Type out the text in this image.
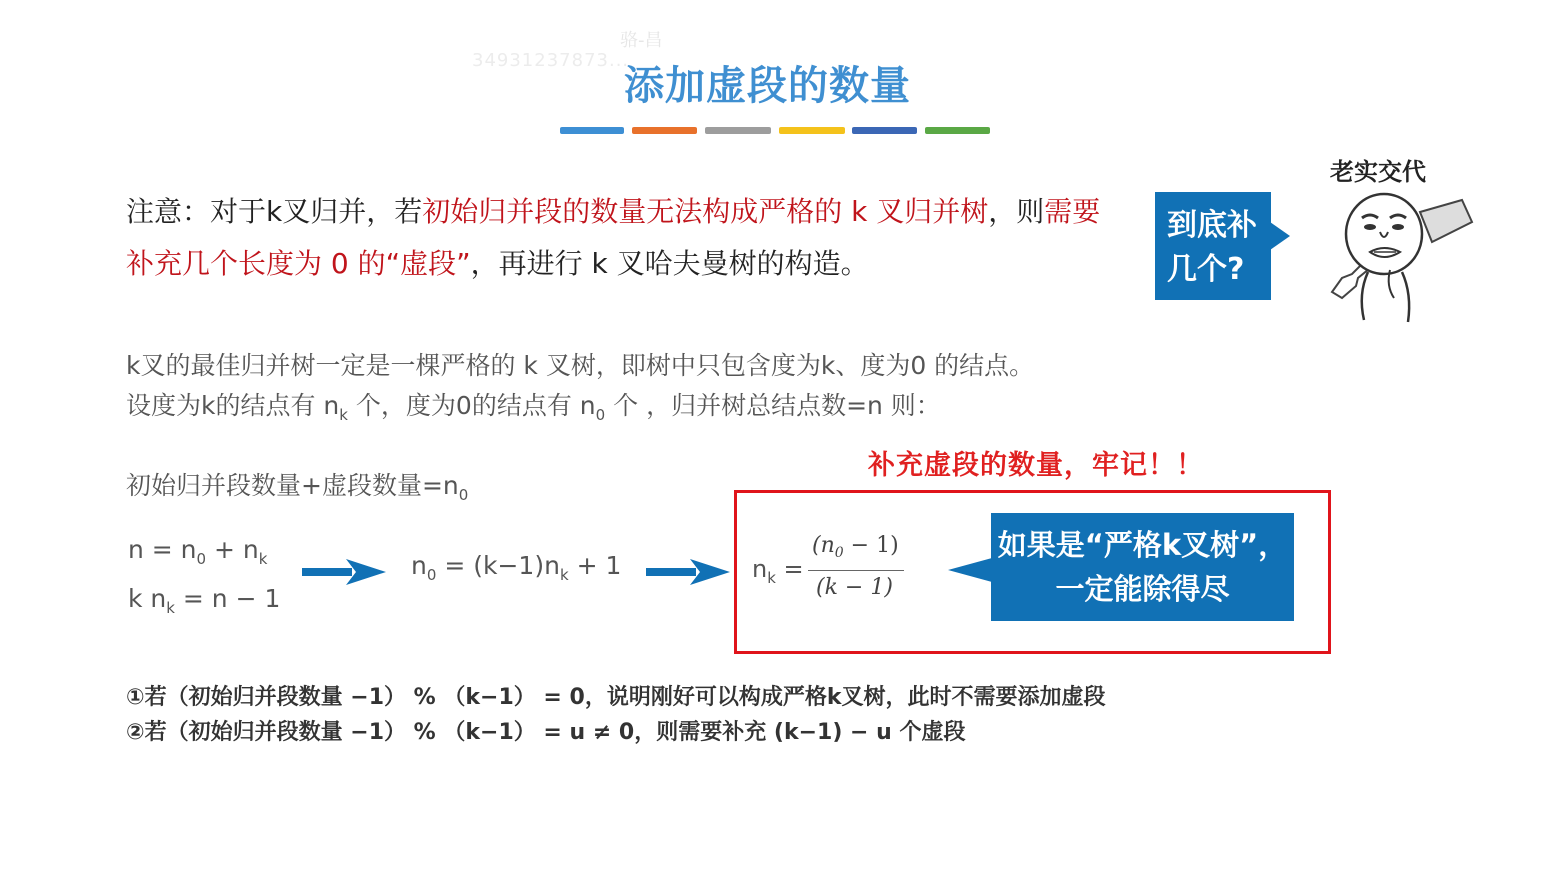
骆-昌
34931237873...
添加虚段的数量
注意：对于k叉归并，若初始归并段的数量无法构成严格的 k 叉归并树，则需要补充几个长度为 0 的“虚段”，再进行 k 叉哈夫曼树的构造。
到底补
几个?
老实交代
k叉的最佳归并树一定是一棵严格的 k 叉树，即树中只包含度为k、度为0 的结点。
设度为k的结点有 $n_k$ 个，度为0的结点有 $n_0$ 个 ，归并树总结点数=n 则：
初始归并段数量+虚段数量$=n_0$
补充虚段的数量，牢记！！
$n = n_0 + n_k$
k $n_k = n - 1$
$n_0 = (k-1)n_k + 1$	$n_k$ =
$(n_0 - 1)$
(k − 1)
如果是“严格k叉树”，
一定能除得尽
①若（初始归并段数量 −1） % （k−1） = 0，说明刚好可以构成严格k叉树，此时不需要添加虚段
②若（初始归并段数量 −1） % （k−1） = u ≠ 0，则需要补充 (k−1) − u 个虚段
